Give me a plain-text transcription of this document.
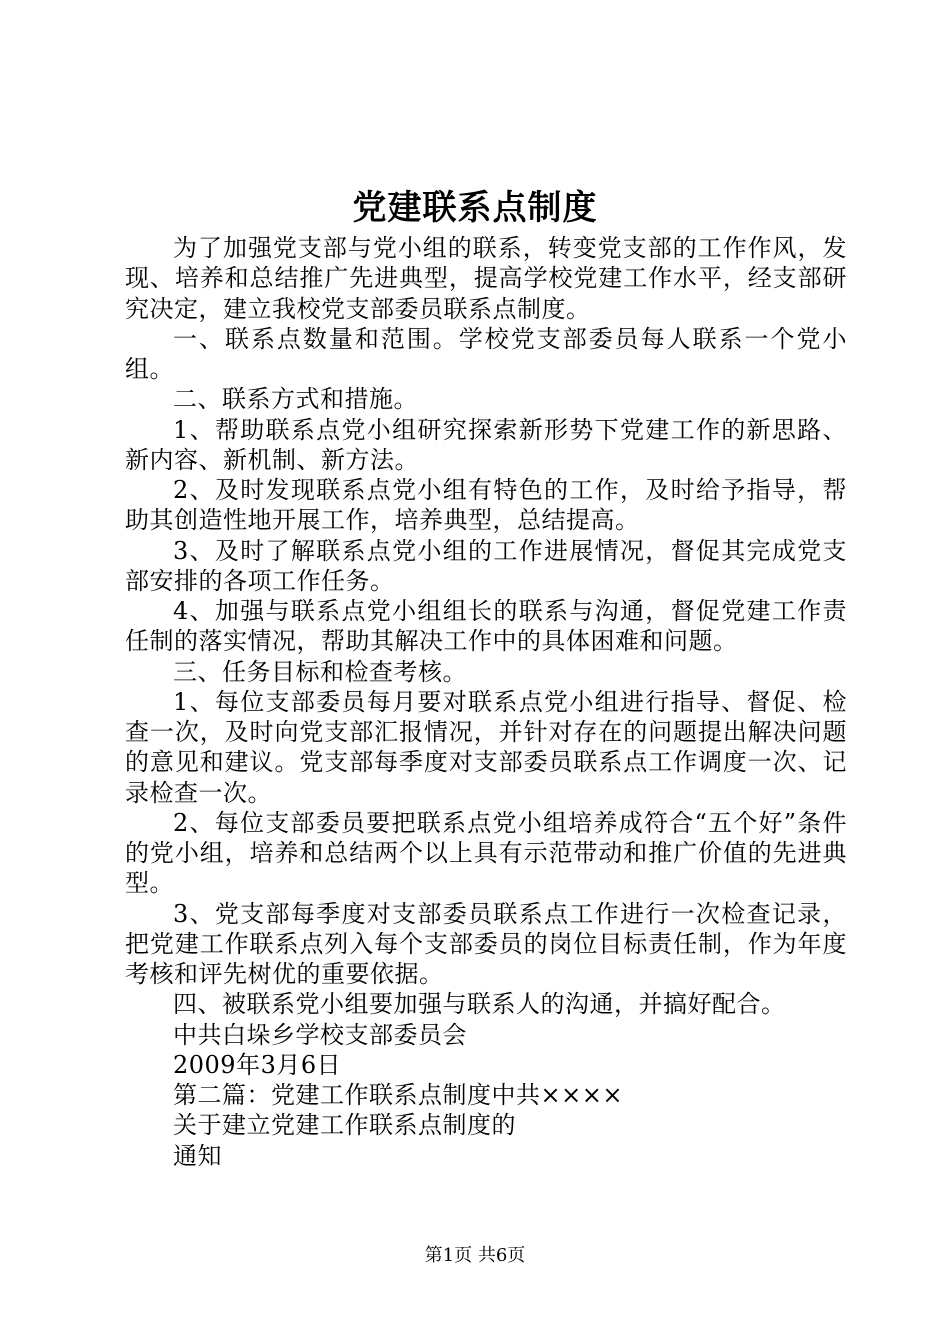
党建联系点制度

为了加强党支部与党小组的联系，转变党支部的工作作风，发现、培养和总结推广先进典型，提高学校党建工作水平，经支部研究决定，建立我校党支部委员联系点制度。

一、联系点数量和范围。学校党支部委员每人联系一个党小组。

二、联系方式和措施。

1、帮助联系点党小组研究探索新形势下党建工作的新思路、新内容、新机制、新方法。

2、及时发现联系点党小组有特色的工作，及时给予指导，帮助其创造性地开展工作，培养典型，总结提高。

3、及时了解联系点党小组的工作进展情况，督促其完成党支部安排的各项工作任务。

4、加强与联系点党小组组长的联系与沟通，督促党建工作责任制的落实情况，帮助其解决工作中的具体困难和问题。

三、任务目标和检查考核。

1、每位支部委员每月要对联系点党小组进行指导、督促、检查一次，及时向党支部汇报情况，并针对存在的问题提出解决问题的意见和建议。党支部每季度对支部委员联系点工作调度一次、记录检查一次。

2、每位支部委员要把联系点党小组培养成符合“五个好”条件的党小组，培养和总结两个以上具有示范带动和推广价值的先进典型。

3、党支部每季度对支部委员联系点工作进行一次检查记录，把党建工作联系点列入每个支部委员的岗位目标责任制，作为年度考核和评先树优的重要依据。

四、被联系党小组要加强与联系人的沟通，并搞好配合。

中共白垛乡学校支部委员会

2009年3月6日

第二篇：党建工作联系点制度中共××××

关于建立党建工作联系点制度的

通知

第1页 共6页
